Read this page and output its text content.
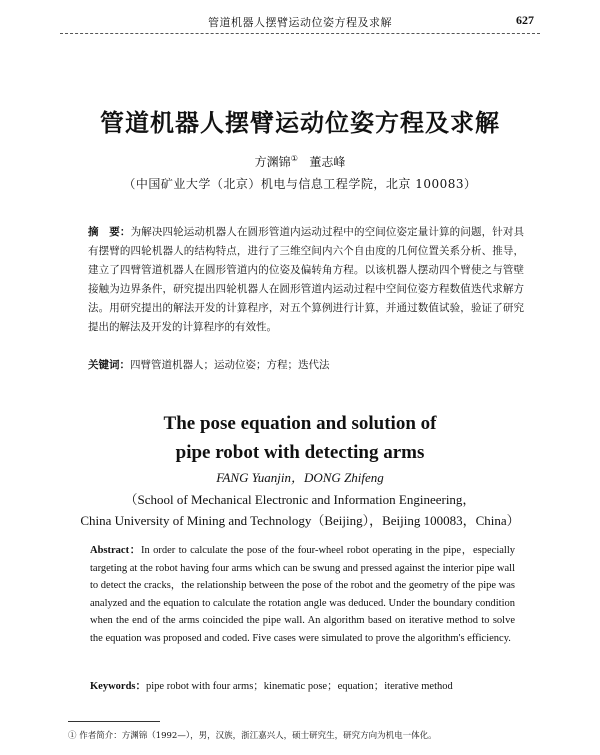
管道机器人摆臂运动位姿方程及求解	627
管道机器人摆臂运动位姿方程及求解
方渊锦① 董志峰
（中国矿业大学（北京）机电与信息工程学院，北京 100083）
摘　要：为解决四轮运动机器人在圆形管道内运动过程中的空间位姿定量计算的问题，针对具有摆臂的四轮机器人的结构特点，进行了三维空间内六个自由度的几何位置关系分析、推导，建立了四臂管道机器人在圆形管道内的位姿及偏转角方程。以该机器人摆动四个臂使之与管壁接触为边界条件，研究提出四轮机器人在圆形管道内运动过程中空间位姿方程数值迭代求解方法。用研究提出的解法开发的计算程序，对五个算例进行计算，并通过数值试验，验证了研究提出的解法及开发的计算程序的有效性。
关键词：四臂管道机器人；运动位姿；方程；迭代法
The pose equation and solution of
pipe robot with detecting arms
FANG Yuanjin，DONG Zhifeng
（School of Mechanical Electronic and Information Engineering，
China University of Mining and Technology（Beijing），Beijing 100083，China）
Abstract：In order to calculate the pose of the four-wheel robot operating in the pipe，especially targeting at the robot having four arms which can be swung and pressed against the interior pipe wall to detect the cracks，the relationship between the pose of the robot and the geometry of the pipe was analyzed and the equation to calculate the rotation angle was deduced. Under the boundary condition when the end of the arms coincided the pipe wall. An algorithm based on iterative method to solve the equation was proposed and coded. Five cases were simulated to prove the algorithm's efficiency.
Keywords：pipe robot with four arms；kinematic pose；equation；iterative method
① 作者简介：方渊锦（1992—），男，汉族，浙江嘉兴人，硕士研究生，研究方向为机电一体化。
